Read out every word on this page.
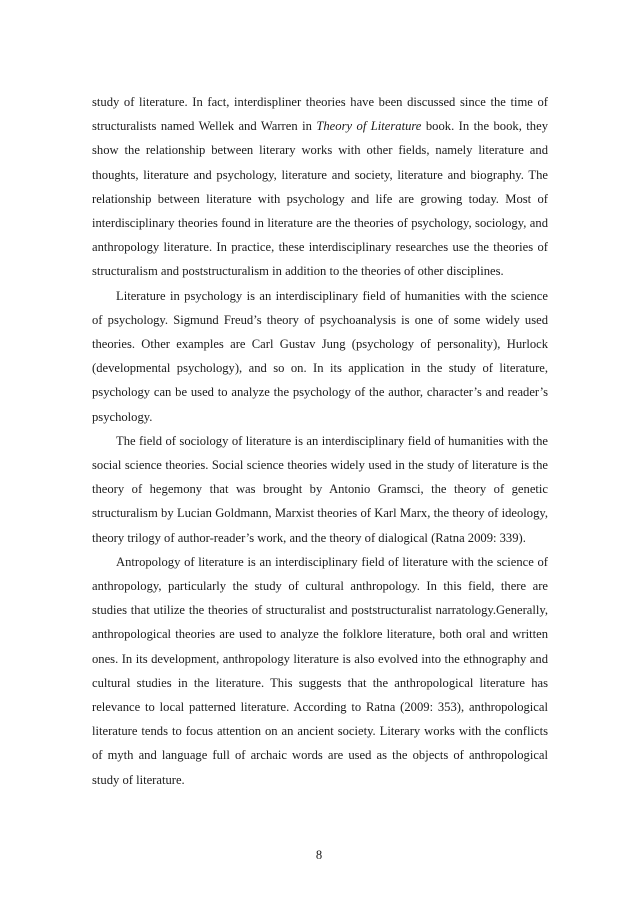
study of literature. In fact, interdispliner theories have been discussed since the time of structuralists named Wellek and Warren in Theory of Literature book. In the book, they show the relationship between literary works with other fields, namely literature and thoughts, literature and psychology, literature and society, literature and biography. The relationship between literature with psychology and life are growing today. Most of interdisciplinary theories found in literature are the theories of psychology, sociology, and anthropology literature. In practice, these interdisciplinary researches use the theories of structuralism and poststructuralism in addition to the theories of other disciplines.

Literature in psychology is an interdisciplinary field of humanities with the science of psychology. Sigmund Freud’s theory of psychoanalysis is one of some widely used theories. Other examples are Carl Gustav Jung (psychology of personality), Hurlock (developmental psychology), and so on. In its application in the study of literature, psychology can be used to analyze the psychology of the author, character’s and reader’s psychology.

The field of sociology of literature is an interdisciplinary field of humanities with the social science theories. Social science theories widely used in the study of literature is the theory of hegemony that was brought by Antonio Gramsci, the theory of genetic structuralism by Lucian Goldmann, Marxist theories of Karl Marx, the theory of ideology, theory trilogy of author-reader’s work, and the theory of dialogical (Ratna 2009: 339).

Antropology of literature is an interdisciplinary field of literature with the science of anthropology, particularly the study of cultural anthropology. In this field, there are studies that utilize the theories of structuralist and poststructuralist narratology.Generally, anthropological theories are used to analyze the folklore literature, both oral and written ones. In its development, anthropology literature is also evolved into the ethnography and cultural studies in the literature. This suggests that the anthropological literature has relevance to local patterned literature. According to Ratna (2009: 353), anthropological literature tends to focus attention on an ancient society. Literary works with the conflicts of myth and language full of archaic words are used as the objects of anthropological study of literature.

8
